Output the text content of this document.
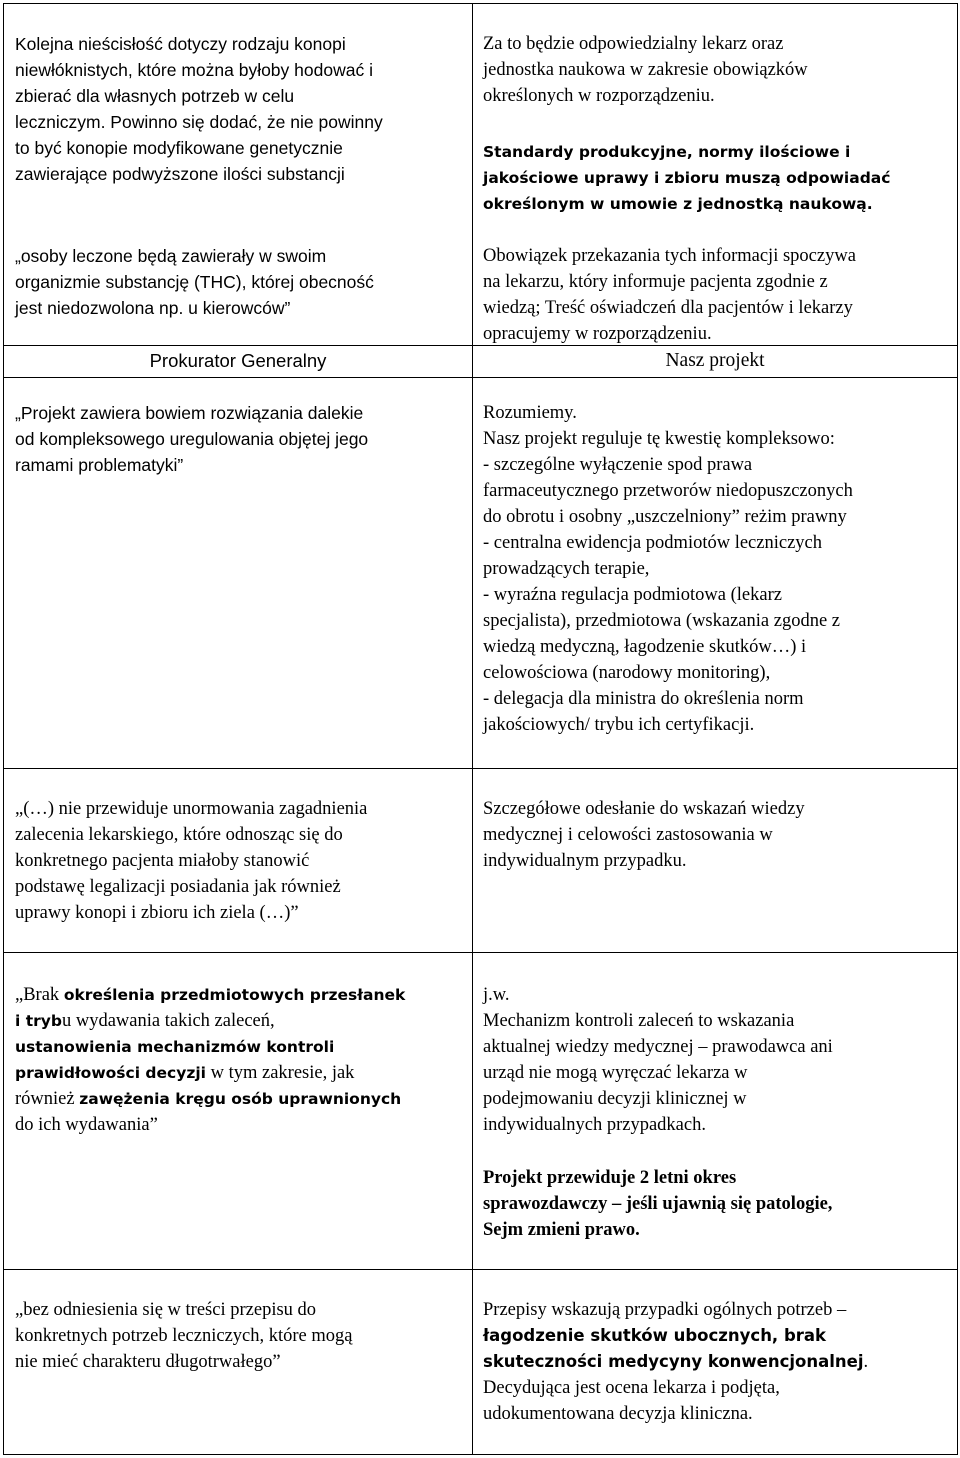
Kolejna nieścisłość dotyczy rodzaju konopi
niewłóknistych, które można byłoby hodować i
zbierać dla własnych potrzeb w celu
leczniczym. Powinno się dodać, że nie powinny
to być konopie modyfikowane genetycznie
zawierające podwyższone ilości substancji
„osoby leczone będą zawierały w swoim
organizmie substancję (THC), której obecność
jest niedozwolona np. u kierowców”
Prokurator Generalny
„Projekt zawiera bowiem rozwiązania dalekie
od kompleksowego uregulowania objętej jego
ramami problematyki”
Za to będzie odpowiedzialny lekarz oraz
jednostka naukowa w zakresie obowiązków
określonych w rozporządzeniu.
Standardy produkcyjne, normy ilościowe i
jakościowe uprawy i zbioru muszą odpowiadać
określonym w umowie z jednostką naukową.
Obowiązek przekazania tych informacji spoczywa
na lekarzu, który informuje pacjenta zgodnie z
wiedzą; Treść oświadczeń dla pacjentów i lekarzy
opracujemy w rozporządzeniu.
Nasz projekt
Rozumiemy.
Nasz projekt reguluje tę kwestię kompleksowo:
- szczególne wyłączenie spod prawa
farmaceutycznego przetworów niedopuszczonych
do obrotu i osobny „uszczelniony” reżim prawny
- centralna ewidencja podmiotów leczniczych
prowadzących terapie,
- wyraźna regulacja podmiotowa (lekarz
specjalista), przedmiotowa (wskazania zgodne z
wiedzą medyczną, łagodzenie skutków…) i
celowościowa (narodowy monitoring),
- delegacja dla ministra do określenia norm
jakościowych/ trybu ich certyfikacji.
„(…) nie przewiduje unormowania zagadnienia
zalecenia lekarskiego, które odnosząc się do
konkretnego pacjenta miałoby stanowić
podstawę legalizacji posiadania jak również
uprawy konopi i zbioru ich ziela (…)”
Szczegółowe odesłanie do wskazań wiedzy
medycznej i celowości zastosowania w
indywidualnym przypadku.
„Brak określenia przedmiotowych przesłanek
i trybu wydawania takich zaleceń,
ustanowienia mechanizmów kontroli
prawidłowości decyzji w tym zakresie, jak
również zawężenia kręgu osób uprawnionych
do ich wydawania”
j.w.
Mechanizm kontroli zaleceń to wskazania
aktualnej wiedzy medycznej – prawodawca ani
urząd nie mogą wyręczać lekarza w
podejmowaniu decyzji klinicznej w
indywidualnych przypadkach.
Projekt przewiduje 2 letni okres
sprawozdawczy – jeśli ujawnią się patologie,
Sejm zmieni prawo.
„bez odniesienia się w treści przepisu do
konkretnych potrzeb leczniczych, które mogą
nie mieć charakteru długotrwałego”
Przepisy wskazują przypadki ogólnych potrzeb –
łagodzenie skutków ubocznych, brak
skuteczności medycyny konwencjonalnej.
Decydująca jest ocena lekarza i podjęta,
udokumentowana decyzja kliniczna.
